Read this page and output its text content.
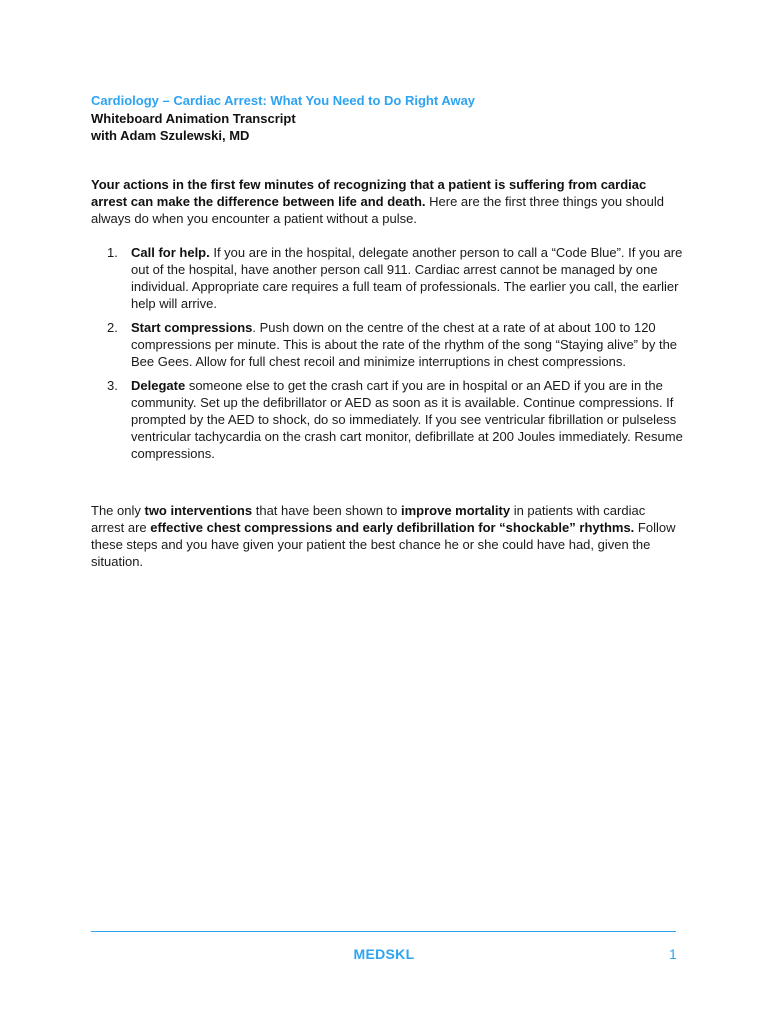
Cardiology – Cardiac Arrest: What You Need to Do Right Away
Whiteboard Animation Transcript
with Adam Szulewski, MD
Your actions in the first few minutes of recognizing that a patient is suffering from cardiac arrest can make the difference between life and death. Here are the first three things you should always do when you encounter a patient without a pulse.
1. Call for help. If you are in the hospital, delegate another person to call a “Code Blue”. If you are out of the hospital, have another person call 911. Cardiac arrest cannot be managed by one individual. Appropriate care requires a full team of professionals. The earlier you call, the earlier help will arrive.
2. Start compressions. Push down on the centre of the chest at a rate of at about 100 to 120 compressions per minute. This is about the rate of the rhythm of the song “Staying alive” by the Bee Gees. Allow for full chest recoil and minimize interruptions in chest compressions.
3. Delegate someone else to get the crash cart if you are in hospital or an AED if you are in the community. Set up the defibrillator or AED as soon as it is available. Continue compressions. If prompted by the AED to shock, do so immediately. If you see ventricular fibrillation or pulseless ventricular tachycardia on the crash cart monitor, defibrillate at 200 Joules immediately. Resume compressions.
The only two interventions that have been shown to improve mortality in patients with cardiac arrest are effective chest compressions and early defibrillation for “shockable” rhythms. Follow these steps and you have given your patient the best chance he or she could have had, given the situation.
MEDSKL	1
